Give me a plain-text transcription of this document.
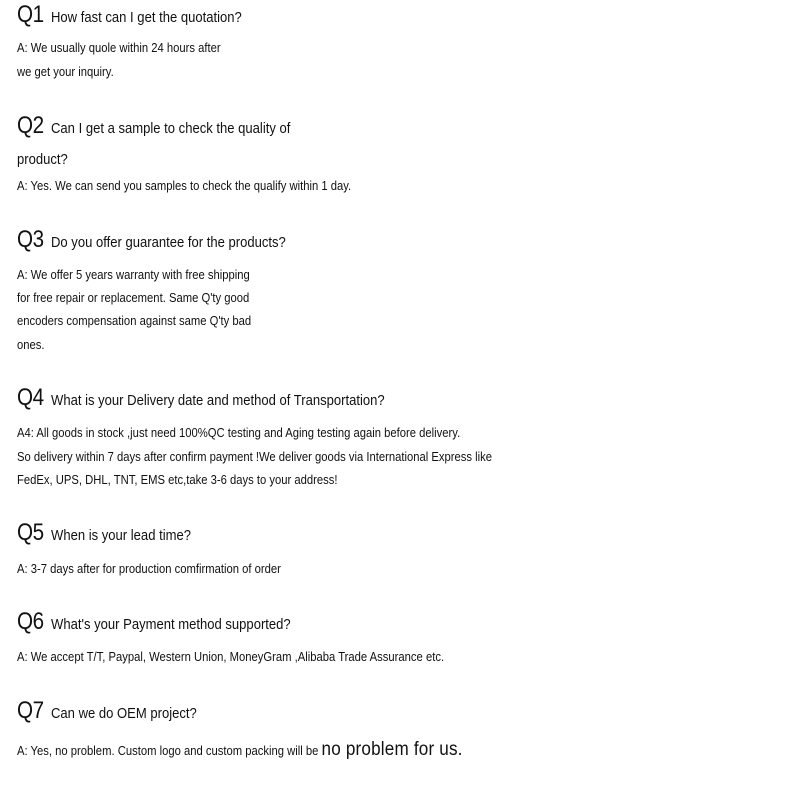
Q1 How fast can I get the quotation?
A: We usually quole within 24 hours after
we get your inquiry.
Q2 Can I get a sample to check the quality of
product?
A: Yes. We can send you samples to check the qualify within 1 day.
Q3 Do you offer guarantee for the products?
A: We offer 5 years warranty with free shipping
for free repair or replacement. Same Q'ty good
encoders compensation against same Q'ty bad
ones.
Q4 What is your Delivery date and method of Transportation?
A4: All goods in stock ,just need 100%QC testing and Aging testing again before delivery.
So delivery within 7 days after confirm payment !We deliver goods via International Express like
FedEx, UPS, DHL, TNT, EMS etc,take 3-6 days to your address!
Q5 When is your lead time?
A: 3-7 days after for production comfirmation of order
Q6 What's your Payment method supported?
A: We accept T/T, Paypal, Western Union, MoneyGram ,Alibaba Trade Assurance etc.
Q7 Can we do OEM project?
A: Yes, no problem. Custom logo and custom packing will be no problem for us.
